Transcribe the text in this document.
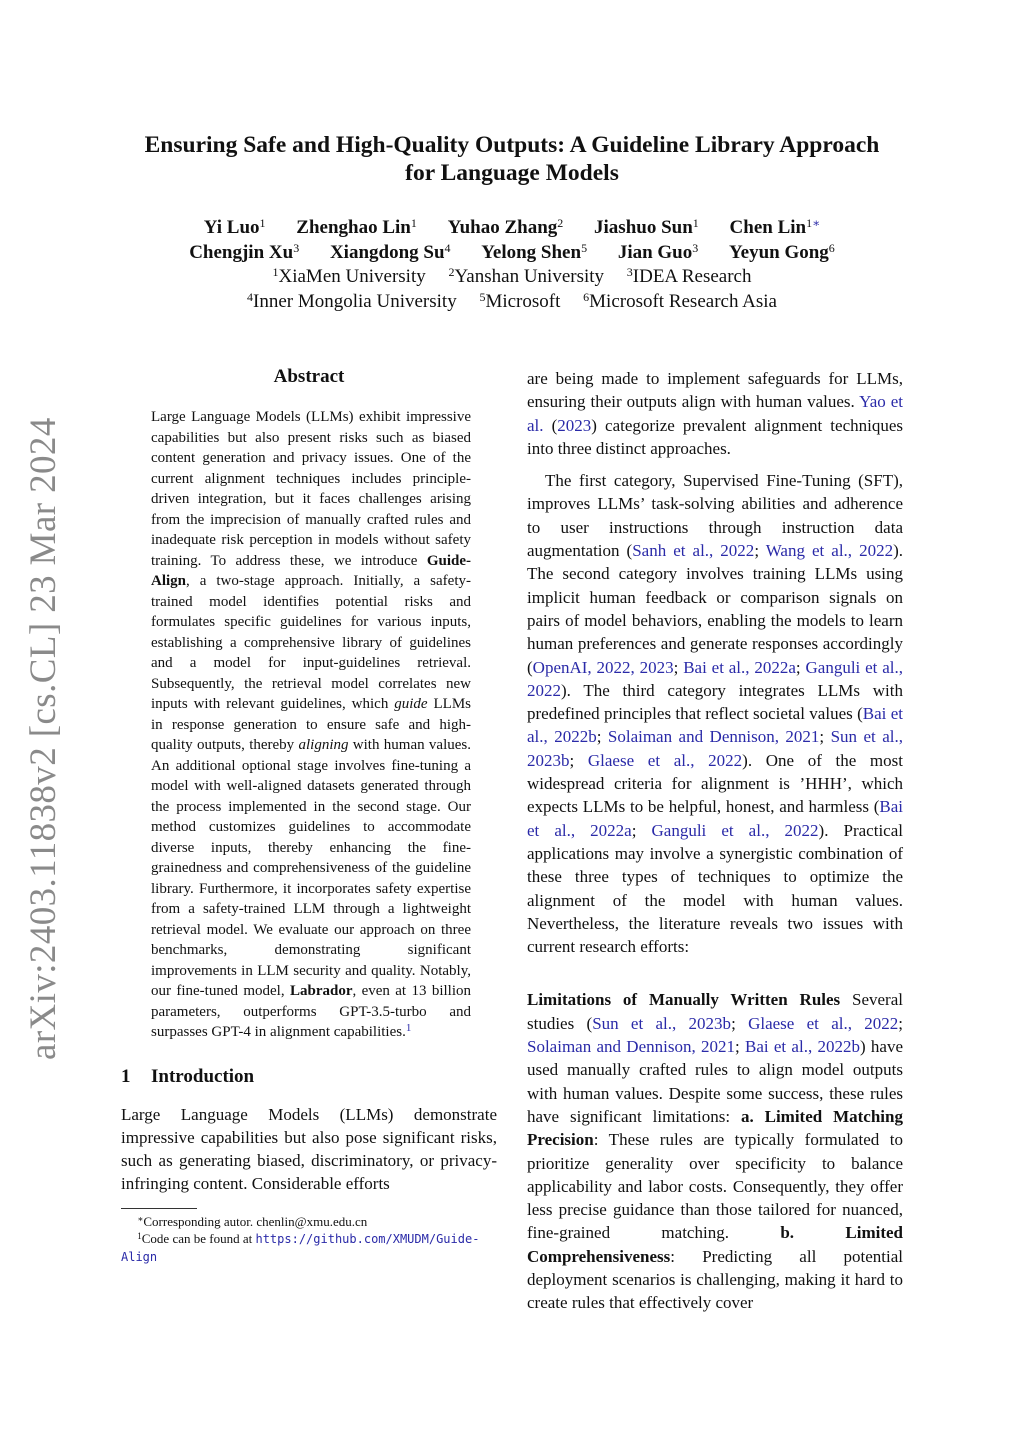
arXiv:2403.11838v2 [cs.CL] 23 Mar 2024
Ensuring Safe and High-Quality Outputs: A Guideline Library Approach
for Language Models
Yi Luo$^1$ Zhenghao Lin$^1$ Yuhao Zhang$^2$ Jiashuo Sun$^1$ Chen Lin$^{1∗}$
Chengjin Xu$^3$ Xiangdong Su$^4$ Yelong Shen$^5$ Jian Guo$^3$ Yeyun Gong$^6$
$^1$XiaMen University $^2$Yanshan University $^3$IDEA Research
$^4$Inner Mongolia University $^5$Microsoft $^6$Microsoft Research Asia
Abstract

Large Language Models (LLMs) exhibit impressive capabilities but also present risks such as biased content generation and privacy issues. One of the current alignment techniques includes principle-driven integration, but it faces challenges arising from the imprecision of manually crafted rules and inadequate risk perception in models without safety training. To address these, we introduce Guide-Align, a two-stage approach. Initially, a safety-trained model identifies potential risks and formulates specific guidelines for various inputs, establishing a comprehensive library of guidelines and a model for input-guidelines retrieval. Subsequently, the retrieval model correlates new inputs with relevant guidelines, which guide LLMs in response generation to ensure safe and high-quality outputs, thereby aligning with human values. An additional optional stage involves fine-tuning a model with well-aligned datasets generated through the process implemented in the second stage. Our method customizes guidelines to accommodate diverse inputs, thereby enhancing the fine-grainedness and comprehensiveness of the guideline library. Furthermore, it incorporates safety expertise from a safety-trained LLM through a lightweight retrieval model. We evaluate our approach on three benchmarks, demonstrating significant improvements in LLM security and quality. Notably, our fine-tuned model, Labrador, even at 13 billion parameters, outperforms GPT-3.5-turbo and surpasses GPT-4 in alignment capabilities.$^1$

1 Introduction

Large Language Models (LLMs) demonstrate impressive capabilities but also pose significant risks, such as generating biased, discriminatory, or privacy-infringing content. Considerable efforts

∗Corresponding autor. chenlin@xmu.edu.cn

$^1$Code can be found at https://github.com/XMUDM/Guide-Align

are being made to implement safeguards for LLMs, ensuring their outputs align with human values. Yao et al. (2023) categorize prevalent alignment techniques into three distinct approaches.

The first category, Supervised Fine-Tuning (SFT), improves LLMs’ task-solving abilities and adherence to user instructions through instruction data augmentation (Sanh et al., 2022; Wang et al., 2022). The second category involves training LLMs using implicit human feedback or comparison signals on pairs of model behaviors, enabling the models to learn human preferences and generate responses accordingly (OpenAI, 2022, 2023; Bai et al., 2022a; Ganguli et al., 2022). The third category integrates LLMs with predefined principles that reflect societal values (Bai et al., 2022b; Solaiman and Dennison, 2021; Sun et al., 2023b; Glaese et al., 2022). One of the most widespread criteria for alignment is ’HHH’, which expects LLMs to be helpful, honest, and harmless (Bai et al., 2022a; Ganguli et al., 2022). Practical applications may involve a synergistic combination of these three types of techniques to optimize the alignment of the model with human values. Nevertheless, the literature reveals two issues with current research efforts:

Limitations of Manually Written Rules Several studies (Sun et al., 2023b; Glaese et al., 2022; Solaiman and Dennison, 2021; Bai et al., 2022b) have used manually crafted rules to align model outputs with human values. Despite some success, these rules have significant limitations: a. Limited Matching Precision: These rules are typically formulated to prioritize generality over specificity to balance applicability and labor costs. Consequently, they offer less precise guidance than those tailored for nuanced, fine-grained matching. b. Limited Comprehensiveness: Predicting all potential deployment scenarios is challenging, making it hard to create rules that effectively cover
